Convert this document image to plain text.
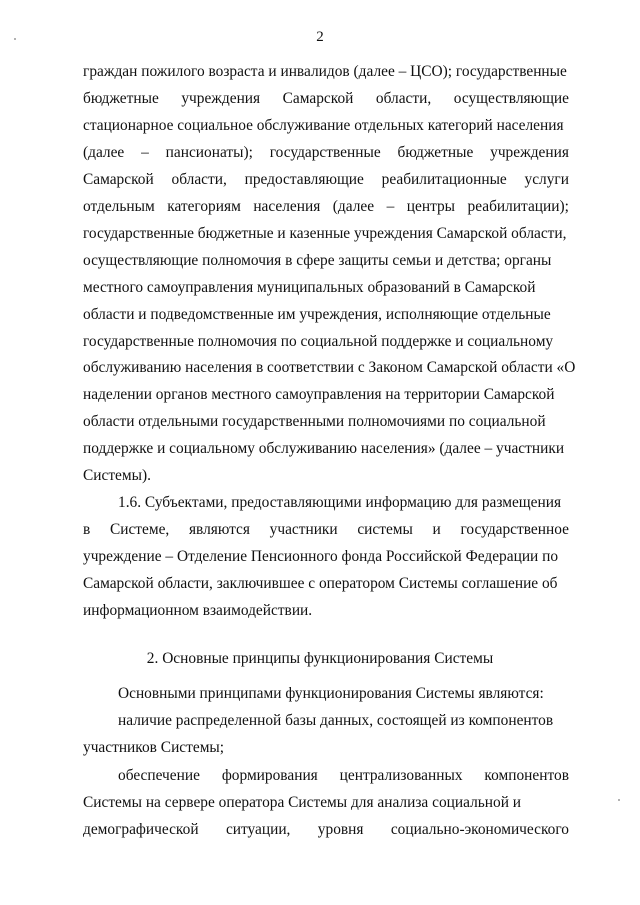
2
граждан пожилого возраста и инвалидов (далее – ЦСО); государственные
бюджетные учреждения Самарской области, осуществляющие
стационарное социальное обслуживание отдельных категорий населения
(далее – пансионаты); государственные бюджетные учреждения
Самарской области, предоставляющие реабилитационные услуги
отдельным категориям населения (далее – центры реабилитации);
государственные бюджетные и казенные учреждения Самарской области,
осуществляющие полномочия в сфере защиты семьи и детства; органы
местного самоуправления муниципальных образований в Самарской
области и подведомственные им учреждения, исполняющие отдельные
государственные полномочия по социальной поддержке и социальному
обслуживанию населения в соответствии с Законом Самарской области «О
наделении органов местного самоуправления на территории Самарской
области отдельными государственными полномочиями по социальной
поддержке и социальному обслуживанию населения» (далее – участники
Системы).
1.6. Субъектами, предоставляющими информацию для размещения
в Системе, являются участники системы и государственное
учреждение – Отделение Пенсионного фонда Российской Федерации по
Самарской области, заключившее с оператором Системы соглашение об
информационном взаимодействии.
2. Основные принципы функционирования Системы
Основными принципами функционирования Системы являются:
наличие распределенной базы данных, состоящей из компонентов
участников Системы;
обеспечение формирования централизованных компонентов
Системы на сервере оператора Системы для анализа социальной и
демографической ситуации, уровня социально-экономического
